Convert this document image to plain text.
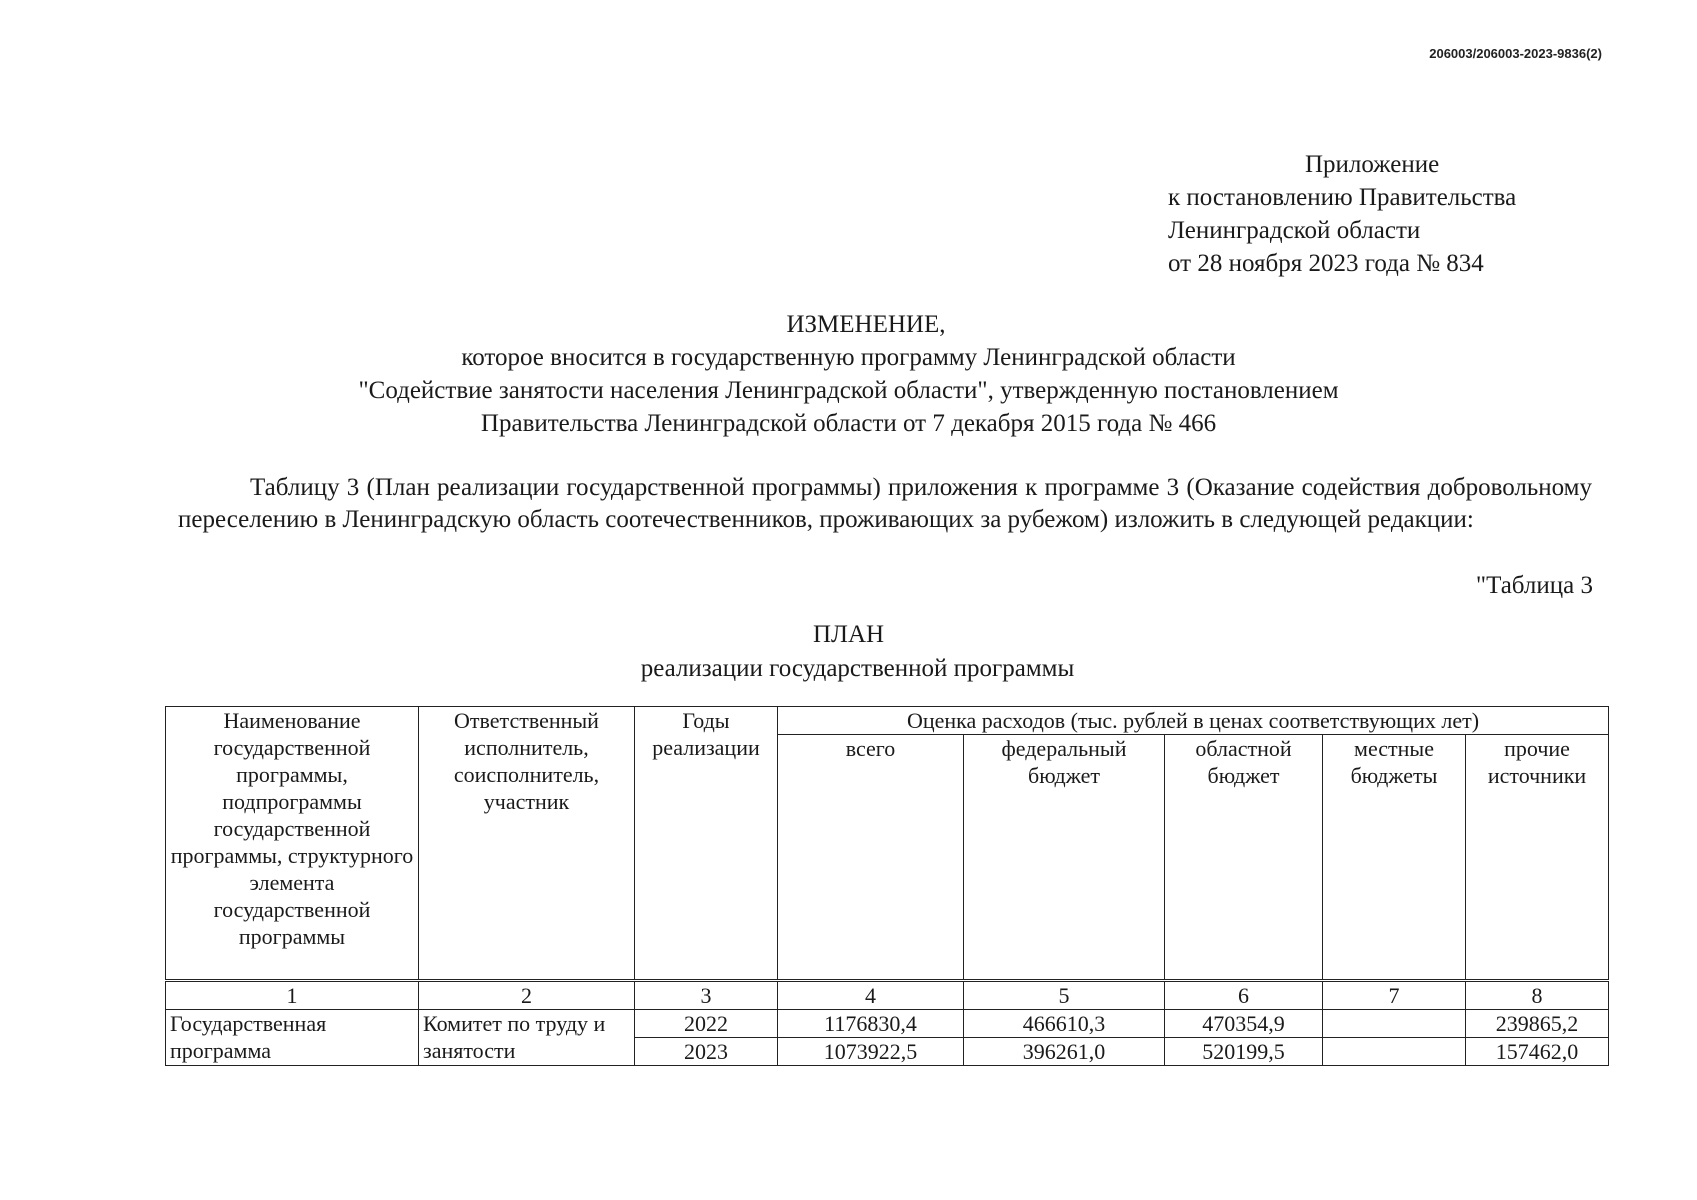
206003/206003-2023-9836(2)
Приложение
к постановлению Правительства
Ленинградской области
от 28 ноября 2023 года № 834
ИЗМЕНЕНИЕ,
которое вносится в государственную программу Ленинградской области
"Содействие занятости населения Ленинградской области", утвержденную постановлением
Правительства Ленинградской области от 7 декабря 2015 года № 466
Таблицу 3 (План реализации государственной программы) приложения к программе 3 (Оказание содействия добровольному переселению в Ленинградскую область соотечественников, проживающих за рубежом) изложить в следующей редакции:
"Таблица 3
ПЛАН
реализации государственной программы
Наименование государственной программы, подпрограммы государственной программы, структурного элемента государственной программы	Ответственный исполнитель, соисполнитель, участник	Годы реализации	Оценка расходов (тыс. рублей в ценах соответствующих лет)				
			всего	федеральный бюджет	областной бюджет	местные бюджеты	прочие источники
1	2	3	4	5	6	7	8
Государственная программа	Комитет по труду и занятости	2022	1176830,4	466610,3	470354,9		239865,2
		2023	1073922,5	396261,0	520199,5		157462,0
